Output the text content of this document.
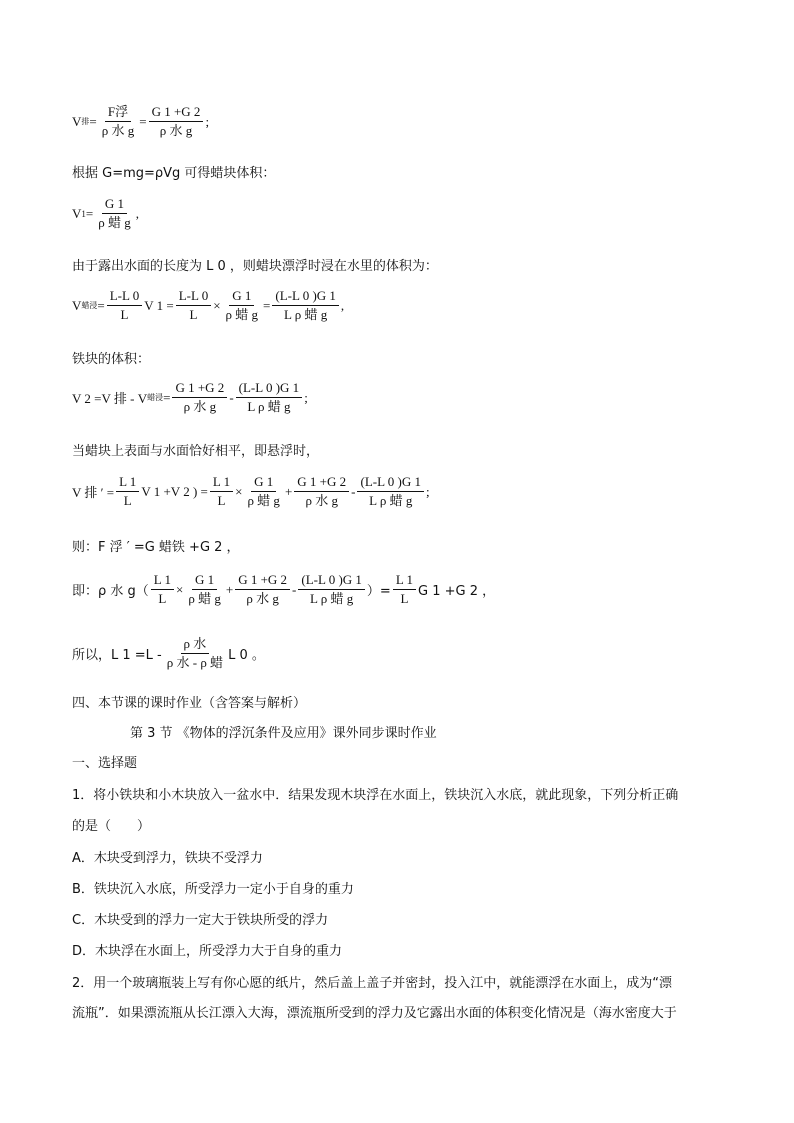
V 排 = $\frac{\text{F浮}}{\text{ρ 水 g}} = \frac{G 1 +G 2}{\text{ρ 水 g}}$ ;
根据 G=mg=ρVg 可得蜡块体积：
V $1 = \frac{G 1}{\text{ρ 蜡 g}}$ ,
由于露出水面的长度为 L 0 ，则蜡块漂浮时浸在水里的体积为：
V 蜡浸 = $\frac{L-L 0}{L}$ V $1 = \frac{L-L 0}{L} \times \frac{G 1}{\text{ρ 蜡 g}} = \frac{(L-L 0 )G 1}{\text{L ρ 蜡 g}}$ ,
铁块的体积：
V 2 =V 排 - V 蜡浸 = $\frac{G 1 +G 2}{\text{ρ 水 g}} - \frac{(L-L 0 )G 1}{\text{L ρ 蜡 g}}$ ;
当蜡块上表面与水面恰好相平，即悬浮时，
V 排 ′ = $\frac{L 1}{L}$ V 1 +V 2 ) = $\frac{L 1}{L} \times \frac{G 1}{\text{ρ 蜡 g}} + \frac{G 1 +G 2}{\text{ρ 水 g}} - \frac{(L-L 0 )G 1}{\text{L ρ 蜡 g}}$ ;
则：F 浮 ′ =G 蜡铁 +G 2 ，
即：ρ 水 $g( \frac{L 1}{L} \times \frac{G 1}{\text{ρ 蜡 g}} + \frac{G 1 +G 2}{\text{ρ 水 g}} - \frac{(L-L 0 )G 1}{\text{L ρ 蜡 g}}$ ）= $\frac{L 1}{L}$ G 1 +G 2 ，
所以，L $1 =L - \frac{\text{ρ 水}}{\text{ρ 水 - ρ 蜡}}$ L 0 。
四、本节课的课时作业（含答案与解析）
第 3 节 《物体的浮沉条件及应用》课外同步课时作业
一、选择题
1．将小铁块和小木块放入一盆水中．结果发现木块浮在水面上，铁块沉入水底，就此现象，下列分析正确
的是（　　）
A．木块受到浮力，铁块不受浮力
B．铁块沉入水底，所受浮力一定小于自身的重力
C．木块受到的浮力一定大于铁块所受的浮力
D．木块浮在水面上，所受浮力大于自身的重力
2．用一个玻璃瓶装上写有你心愿的纸片，然后盖上盖子并密封，投入江中，就能漂浮在水面上，成为“漂
流瓶”．如果漂流瓶从长江漂入大海，漂流瓶所受到的浮力及它露出水面的体积变化情况是（海水密度大于
